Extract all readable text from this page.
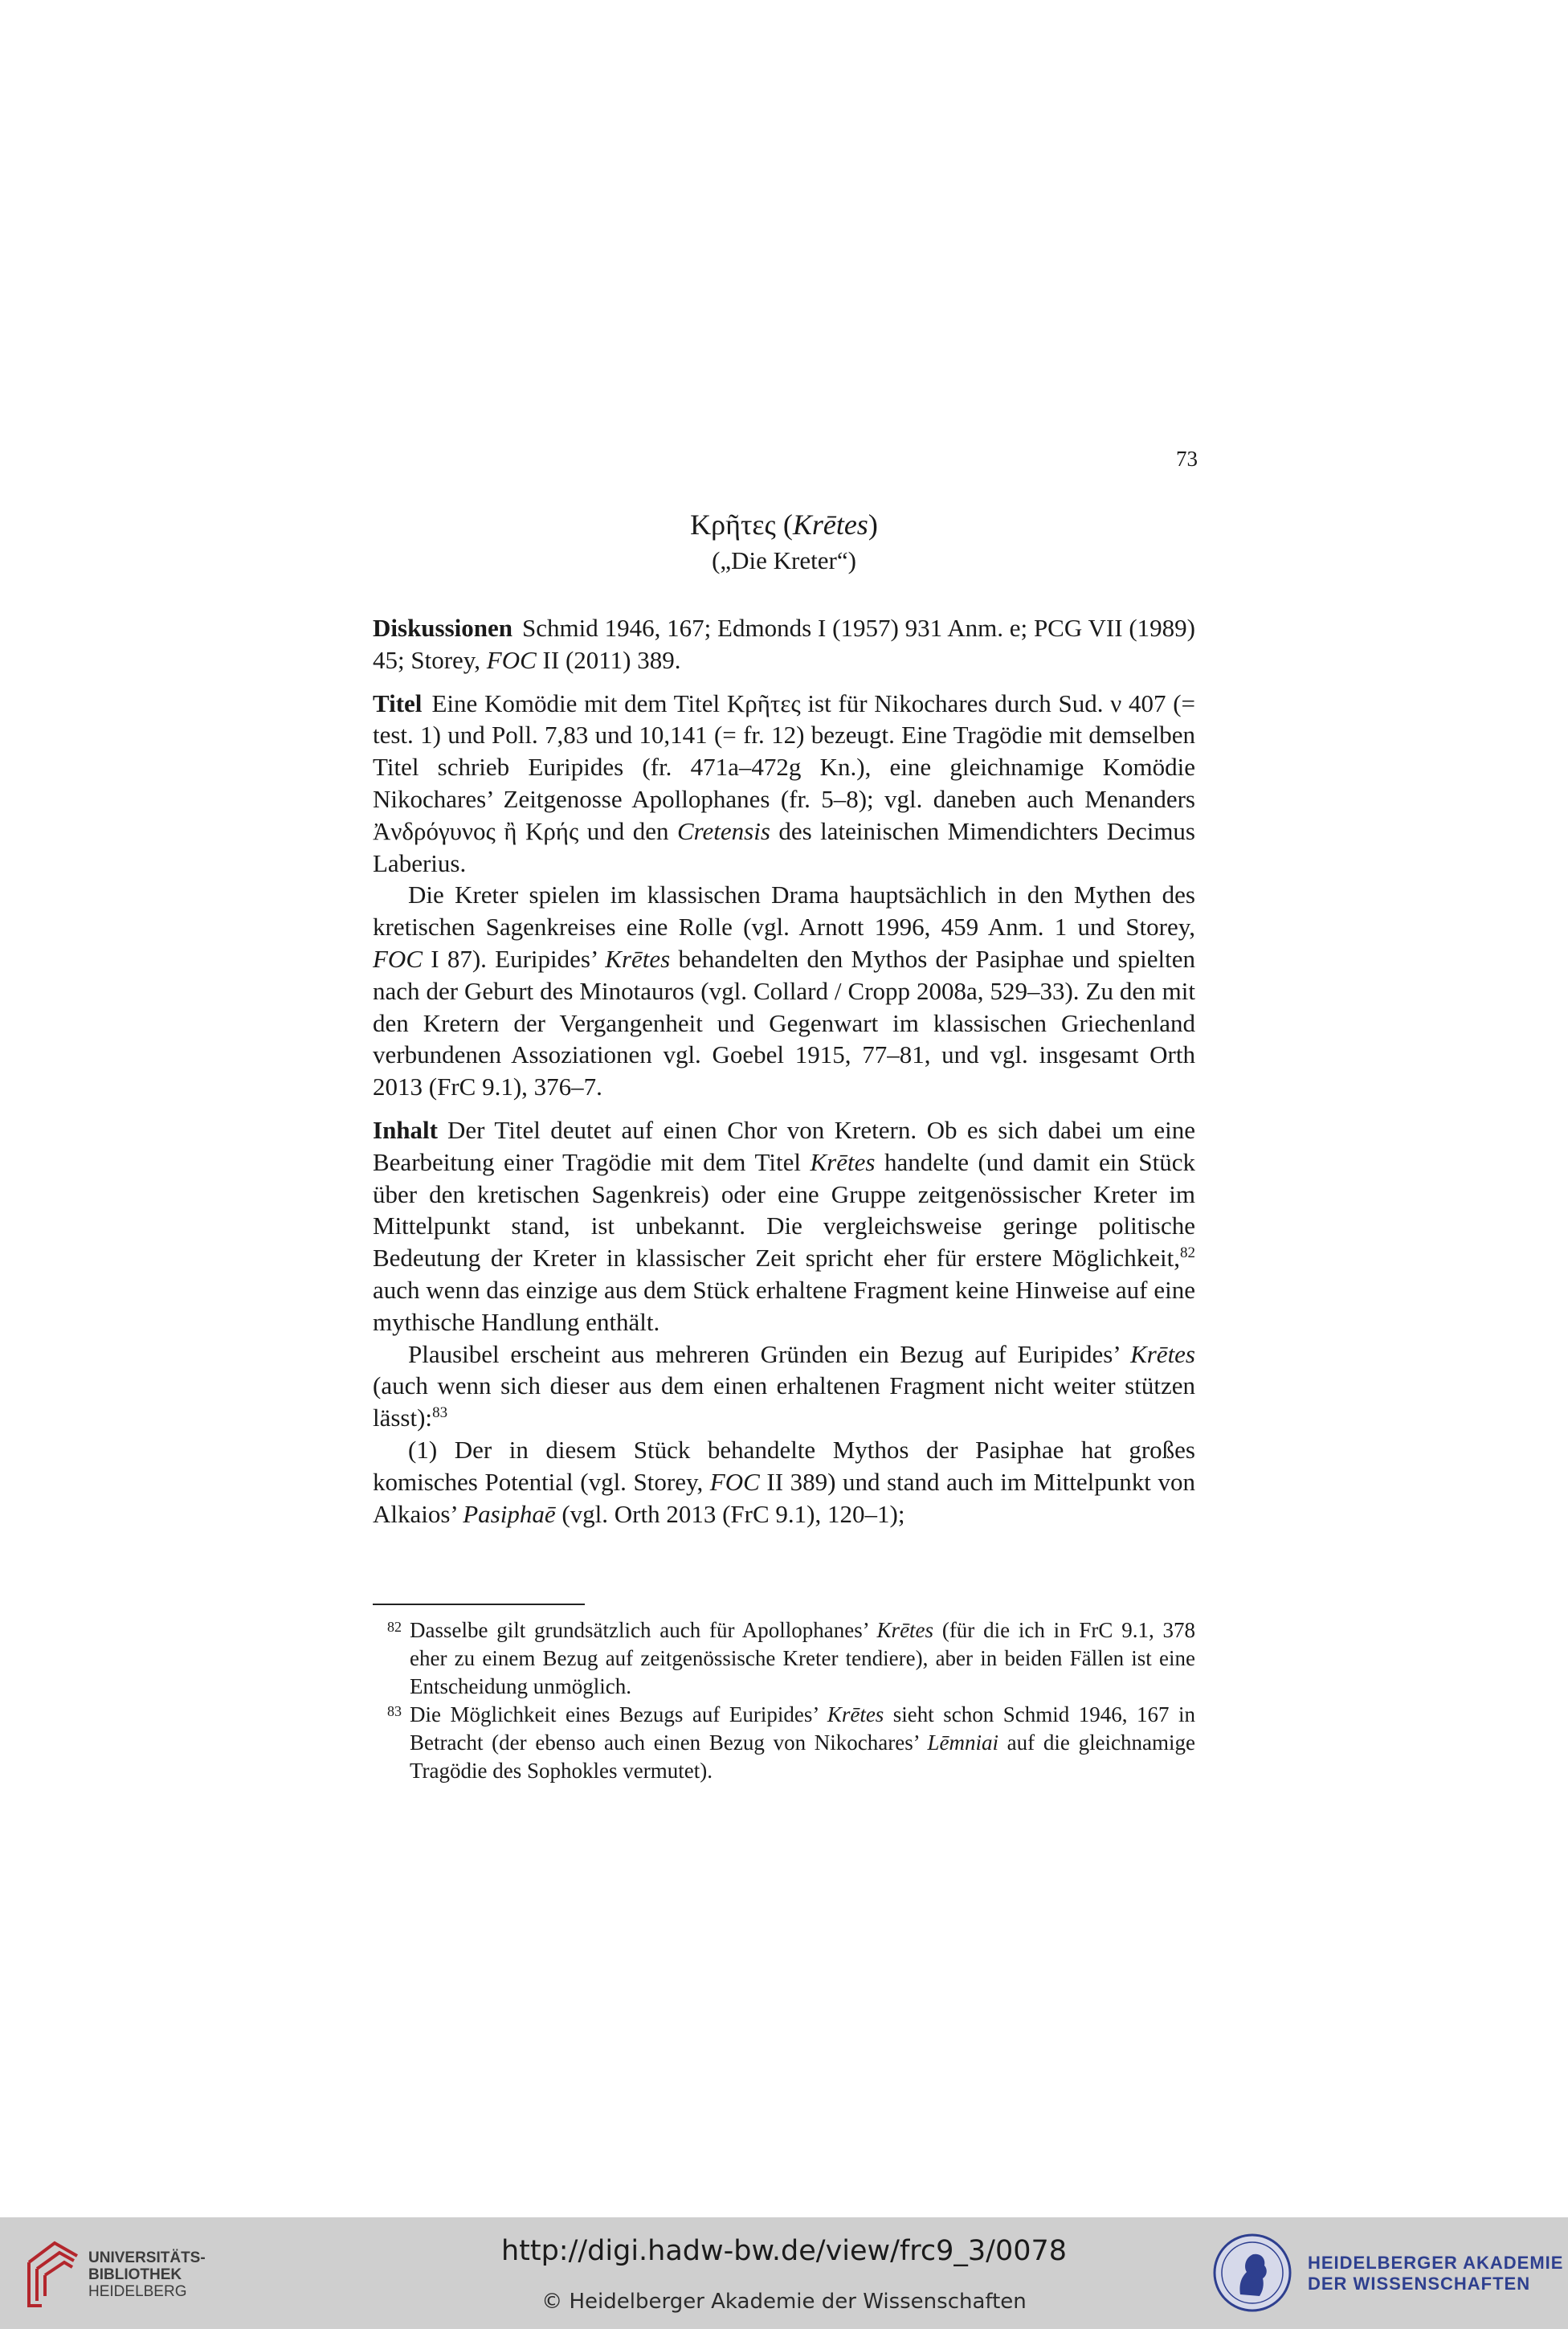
73
Κρῆτες (Krētes)
(„Die Kreter“)

Diskussionen Schmid 1946, 167; Edmonds I (1957) 931 Anm. e; PCG VII (1989) 45; Storey, FOC II (2011) 389.

Titel Eine Komödie mit dem Titel Κρῆτες ist für Nikochares durch Sud. ν 407 (= test. 1) und Poll. 7,83 und 10,141 (= fr. 12) bezeugt. Eine Tragödie mit demselben Titel schrieb Euripides (fr. 471a–472g Kn.), eine gleichnamige Komödie Nikochares’ Zeitgenosse Apollophanes (fr. 5–8); vgl. daneben auch Menanders Ἀνδρόγυνος ἢ Κρής und den Cretensis des lateinischen Mimendichters Decimus Laberius.

Die Kreter spielen im klassischen Drama hauptsächlich in den Mythen des kretischen Sagenkreises eine Rolle (vgl. Arnott 1996, 459 Anm. 1 und Storey, FOC I 87). Euripides’ Krētes behandelten den Mythos der Pasiphae und spielten nach der Geburt des Minotauros (vgl. Collard / Cropp 2008a, 529–33). Zu den mit den Kretern der Vergangenheit und Gegenwart im klassischen Griechenland verbundenen Assoziationen vgl. Goebel 1915, 77–81, und vgl. insgesamt Orth 2013 (FrC 9.1), 376–7.

Inhalt Der Titel deutet auf einen Chor von Kretern. Ob es sich dabei um eine Bearbeitung einer Tragödie mit dem Titel Krētes handelte (und damit ein Stück über den kretischen Sagenkreis) oder eine Gruppe zeitgenössischer Kreter im Mittelpunkt stand, ist unbekannt. Die vergleichsweise geringe politische Bedeutung der Kreter in klassischer Zeit spricht eher für erstere Möglichkeit,$^{82}$ auch wenn das einzige aus dem Stück erhaltene Fragment keine Hinweise auf eine mythische Handlung enthält.

Plausibel erscheint aus mehreren Gründen ein Bezug auf Euripides’ Krētes (auch wenn sich dieser aus dem einen erhaltenen Fragment nicht weiter stützen lässt):$^{83}$

(1) Der in diesem Stück behandelte Mythos der Pasiphae hat großes komisches Potential (vgl. Storey, FOC II 389) und stand auch im Mittelpunkt von Alkaios’ Pasiphaē (vgl. Orth 2013 (FrC 9.1), 120–1);

82 Dasselbe gilt grundsätzlich auch für Apollophanes’ Krētes (für die ich in FrC 9.1, 378 eher zu einem Bezug auf zeitgenössische Kreter tendiere), aber in beiden Fällen ist eine Entscheidung unmöglich.
83 Die Möglichkeit eines Bezugs auf Euripides’ Krētes sieht schon Schmid 1946, 167 in Betracht (der ebenso auch einen Bezug von Nikochares’ Lēmniai auf die gleichnamige Tragödie des Sophokles vermutet).
UNIVERSITÄTS-
BIBLIOTHEK
HEIDELBERG
http://digi.hadw-bw.de/view/frc9_3/0078
© Heidelberger Akademie der Wissenschaften
HEIDELBERGER AKADEMIE
DER WISSENSCHAFTEN
